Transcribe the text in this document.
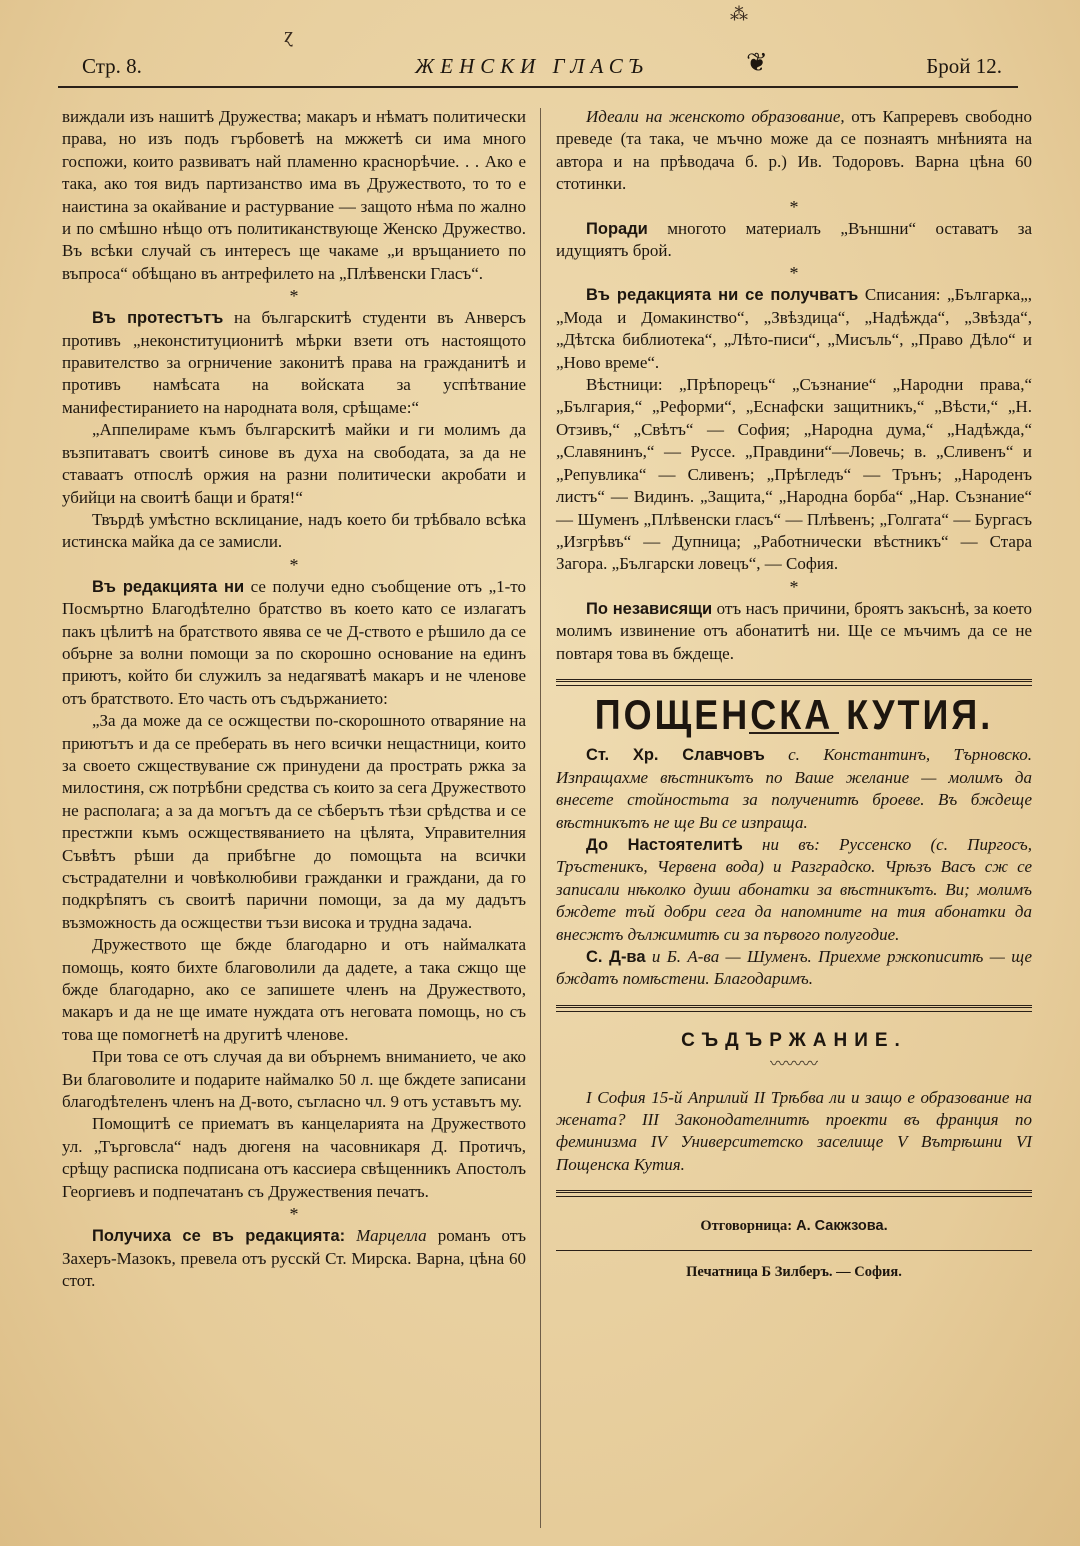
ɀ
⁂
Стр. 8.	ЖЕНСКИ ГЛАСЪ	❦	Брой 12.

виждали изъ нашитѣ Дружества; макаръ и нѣматъ политически права, но изъ подъ гърбоветѣ на мжжетѣ си има много госпожи, които развиватъ най пламенно краснорѣчие. . . Ако е така, ако тоя видъ партизанство има въ Дружеството, то то е наистина за окайвание и растурвание — защото нѣма по жално и по смѣшно нѣщо отъ политиканствующе Женско Дружество. Въ всѣки случай съ интересъ ще чакаме „и връщанието по въпроса“ обѣщано въ антрефилето на „Плѣвенски Гласъ“.

*

Въ протестътъ на българскитѣ студенти въ Анверсъ противъ „неконституционитѣ мѣрки взети отъ настоящото правителство за огрничение законитѣ права на гражданитѣ и противъ намѣсата на войската за успѣтвание манифестиранието на народната воля, срѣщаме:“

„Аппелираме къмъ българскитѣ майки и ги молимъ да възпитаватъ своитѣ синове въ духа на свободата, за да не ставаатъ отпослѣ оржия на разни политически акробати и убийци на своитѣ бащи и братя!“

Твърдѣ умѣстно всклицание, надъ което би трѣбвало всѣка истинска майка да се замисли.

*

Въ редакцията ни се получи едно съобщение отъ „1-то Посмъртно Благодѣтелно братство въ което като се излагатъ пакъ цѣлитѣ на братството явява се че Д-ството е рѣшило да се обърне за волни помощи за по скорошно основание на единъ приютъ, който би служилъ за недагяватѣ макаръ и не членове отъ братството. Ето часть отъ съдържанието:

„За да може да се осжществи по-скорошното отваряние на приютътъ и да се преберать въ него всички нещастници, които за своето сжществувание сж принудени да прострать ржка за милостиня, сж потрѣбни средства съ които за сега Дружеството не располага; а за да могътъ да се сѣберътъ тѣзи срѣдства и се престжпи къмъ осжществяванието на цѣлята, Управителния Съвѣтъ рѣши да прибѣгне до помощьта на всички състрадателни и човѣколюбиви гражданки и граждани, да го подкрѣпятъ съ своитѣ парични помощи, за да му дадътъ възможность да осжществи тъзи висока и трудна задача.

Дружеството ще бжде благодарно и отъ наймалката помощь, която бихте благоволили да дадете, а така сжщо ще бжде благодарно, ако се запишете членъ на Дружеството, макаръ и да не ще имате нуждата отъ неговата помощь, но съ това ще помогнетѣ на другитѣ членове.

При това се отъ случая да ви обърнемъ вниманието, че ако Ви благоволите и подарите наймалко 50 л. ще бждете записани благодѣтеленъ членъ на Д-вото, съгласно чл. 9 отъ уставътъ му.

Помощитѣ се приематъ въ канцеларията на Дружеството ул. „Търговсла“ надъ дюгеня на часовникаря Д. Протичъ, срѣщу расписка подписана отъ кассиера свѣщенникъ Апостолъ Георгиевъ и подпечатанъ съ Дружествения печатъ.

*

Получиха се въ редакцията: Марцелла романъ отъ Захеръ-Мазокъ, превела отъ русскй Ст. Мирска. Варна, цѣна 60 стот.

Идеали на женското образование, отъ Капреревъ свободно преведе (та така, че мъчно може да се познаятъ мнѣнията на автора и на прѣводача б. р.) Ив. Тодоровъ. Варна цѣна 60 стотинки.

*

Поради многото материалъ „Външни“ оставатъ за идущиятъ брой.

*

Въ редакцията ни се получватъ Списания: „Българка„, „Мода и Домакинство“, „Звѣздица“, „Надѣжда“, „Звѣзда“, „Дѣтска библиотека“, „Лѣто-писи“, „Мисъль“, „Право Дѣло“ и „Ново време“.

Вѣстници: „Прѣпорецъ“ „Съзнание“ „Народни права,“ „България,“ „Реформи“, „Еснафски защитникъ,“ „Вѣсти,“ „Н. Отзивъ,“ „Свѣтъ“ — София; „Народна дума,“ „Надѣжда,“ „Славянинъ,“ — Руссе. „Правдини“—Ловечь; в. „Сливенъ“ и „Репувлика“ — Сливенъ; „Прѣгледъ“ — Трънъ; „Народенъ листъ“ — Видинъ. „Защита,“ „Народна борба“ „Нар. Съзнание“ — Шуменъ „Плѣвенски гласъ“ — Плѣвенъ; „Голгата“ — Бургасъ „Изгрѣвъ“ — Дупница; „Работнически вѣстникъ“ — Стара Загора. „Български ловецъ“, — София.

*

По независящи отъ насъ причини, броятъ закъснѣ, за което молимъ извинение отъ абонатитѣ ни. Ще се мъчимъ да се не повтаря това въ бждеще.

ПОЩЕНСКА КУТИЯ.

Ст. Хр. Славчовъ с. Константинъ, Търновско. Изпращахме вѣстникътъ по Ваше желание — молимъ да внесете стойностьта за полученитѣ броеве. Въ бждеще вѣстникътъ не ще Ви се изпраща.

До Настоятелитѣ ни въ: Руссенско (с. Пиргосъ, Тръстеникъ, Червена вода) и Разградско. Чрѣзъ Васъ сж се записали нѣколко души абонатки за вѣстникътъ. Ви; молимъ бждете тъй добри сега да напомните на тия абонатки да внесжтъ дължимитѣ си за първого полугодие.

С. Д-ва и Б. А-ва — Шуменъ. Приехме ржкописитѣ — ще бждатъ помѣстени. Благодаримъ.

СЪДЪРЖАНИЕ.

〰〰〰

I София 15-й Априлий II Трѣбва ли и защо е образование на жената? III Законодателнитѣ проекти въ франция по феминизма IV Университетско заселище V Вътрѣшни VI Пощенска Кутия.

Отговорница: А. Сакжзова.

Печатница Б Зилберъ. — София.
